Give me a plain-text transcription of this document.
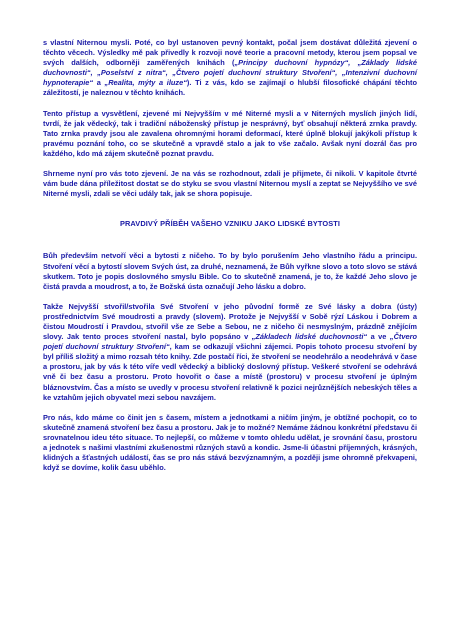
s vlastní Niternou mysli. Poté, co byl ustanoven pevný kontakt, počal jsem dostávat důležitá zjevení o těchto věcech. Výsledky mě pak přivedly k rozvoji nové teorie a pracovní metody, kterou jsem popsal ve svých dalších, odborněji zaměřených knihách („Principy duchovní hypnózy“, „Základy lidské duchovnosti“, „Poselství z nitra“, „Čtvero pojetí duchovní struktury Stvoření“, „Intenzivní duchovní hypnoterapie“ a „Realita, mýty a iluze“). Ti z vás, kdo se zajímají o hlubší filosofické chápání těchto záležitostí, je naleznou v těchto knihách.

Tento přístup a vysvětlení, zjevené mi Nejvyšším v mé Niterné mysli a v Niterných myslích jiných lidí, tvrdí, že jak vědecký, tak i tradiční náboženský přístup je nesprávný, byť obsahují některá zrnka pravdy. Tato zrnka pravdy jsou ale zavalena ohromnými horami deformací, které úplně blokují jakýkoli přístup k pravému poznání toho, co se skutečně a vpravdě stalo a jak to vše začalo. Avšak nyní dozrál čas pro každého, kdo má zájem skutečně poznat pravdu.

Shrneme nyní pro vás toto zjevení. Je na vás se rozhodnout, zdali je přijmete, či nikoli. V kapitole čtvrté vám bude dána příležitost dostat se do styku se svou vlastní Niternou myslí a zeptat se Nejvyššího ve své Niterné mysli, zdali se věci udály tak, jak se shora popisuje.

PRAVDIVÝ PŘÍBĚH VAŠEHO VZNIKU JAKO LIDSKÉ BYTOSTI

Bůh především netvoří věci a bytosti z ničeho. To by bylo porušením Jeho vlastního řádu a principu. Stvoření věcí a bytostí slovem Svých úst, za druhé, neznamená, že Bůh vyřkne slovo a toto slovo se stává skutkem. Toto je popis doslovného smyslu Bible. Co to skutečně znamená, je to, že každé Jeho slovo je čistá pravda a moudrost, a to, že Božská ústa označují Jeho lásku a dobro.

Takže Nejvyšší stvořil/stvořila Své Stvoření v jeho původní formě ze Své lásky a dobra (ústy) prostřednictvím Své moudrosti a pravdy (slovem). Protože je Nejvyšší v Sobě rýzí Láskou i Dobrem a čistou Moudrostí i Pravdou, stvořil vše ze Sebe a Sebou, ne z ničeho či nesmyslným, prázdně znějícím slovy. Jak tento proces stvoření nastal, bylo popsáno v „Základech lidské duchovnosti“ a ve „Čtvero pojetí duchovní struktury Stvoření“, kam se odkazují všichni zájemci. Popis tohoto procesu stvoření by byl příliš složitý a mimo rozsah této knihy. Zde postačí říci, že stvoření se neodehrálo a neodehrává v čase a prostoru, jak by vás k této víře vedl vědecký a biblický doslovný přístup. Veškeré stvoření se odehrává vně či bez času a prostoru. Proto hovořit o čase a místě (prostoru) v procesu stvoření je úplným bláznovstvím. Čas a místo se uvedly v procesu stvoření relativně k pozici nejrůznějších nebeských těles a ke vztahům jejich obyvatel mezi sebou navzájem.

Pro nás, kdo máme co činit jen s časem, místem a jednotkami a ničím jiným, je obtížné pochopit, co to skutečně znamená stvoření bez času a prostoru. Jak je to možné? Nemáme žádnou konkrétní představu či srovnatelnou ideu této situace. To nejlepší, co můžeme v tomto ohledu udělat, je srovnání času, prostoru a jednotek s našimi vlastními zkušenostmi různých stavů a kondic. Jsme-li účastni příjemných, krásných, klidných a šťastných událostí, čas se pro nás stává bezvýznamným, a později jsme ohromně překvapeni, když se dovíme, kolik času uběhlo.
